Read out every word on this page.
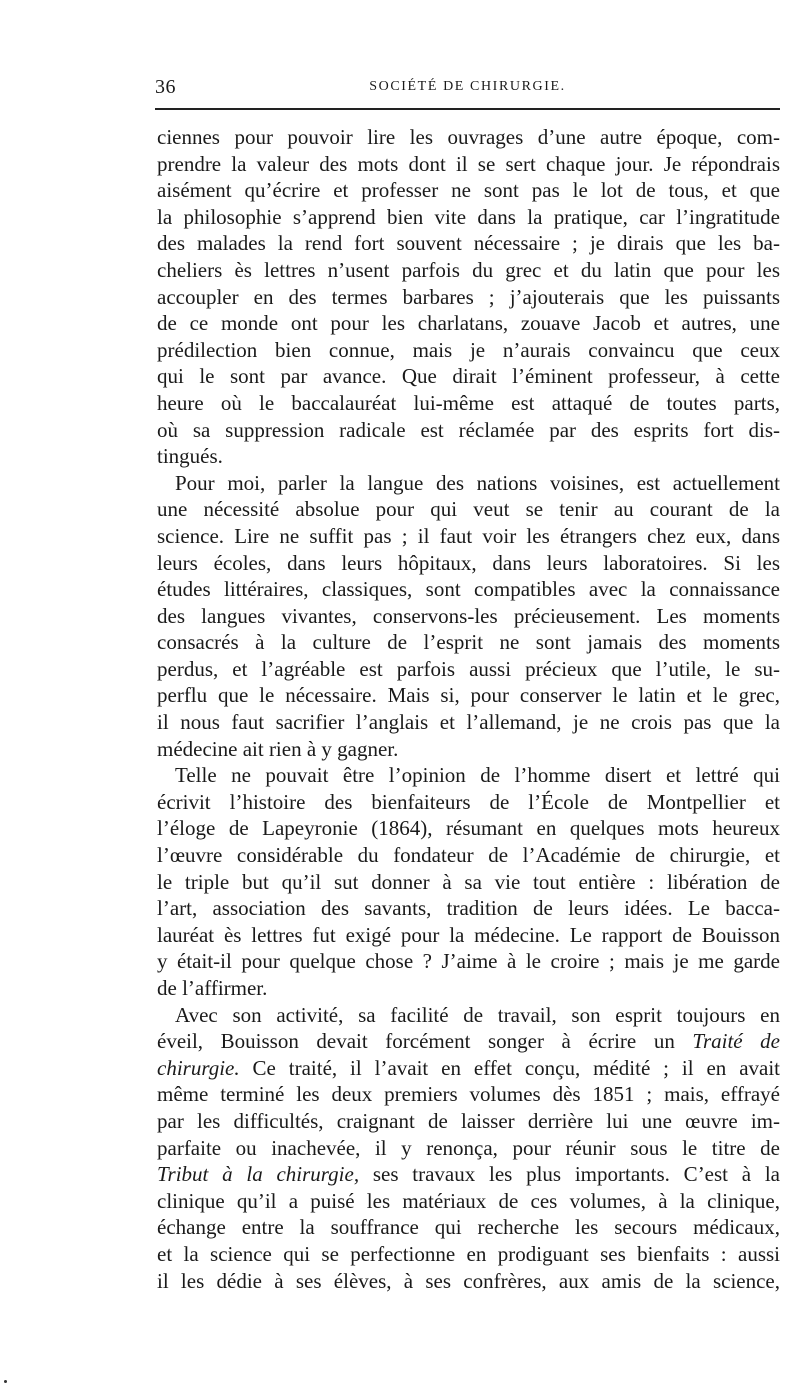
36	SOCIÉTÉ DE CHIRURGIE.
ciennes pour pouvoir lire les ouvrages d’une autre époque, com-
prendre la valeur des mots dont il se sert chaque jour. Je répondrais
aisément qu’écrire et professer ne sont pas le lot de tous, et que
la philosophie s’apprend bien vite dans la pratique, car l’ingratitude
des malades la rend fort souvent nécessaire ; je dirais que les ba-
cheliers ès lettres n’usent parfois du grec et du latin que pour les
accoupler en des termes barbares ; j’ajouterais que les puissants
de ce monde ont pour les charlatans, zouave Jacob et autres, une
prédilection bien connue, mais je n’aurais convaincu que ceux
qui le sont par avance. Que dirait l’éminent professeur, à cette
heure où le baccalauréat lui-même est attaqué de toutes parts,
où sa suppression radicale est réclamée par des esprits fort dis-
tingués.
Pour moi, parler la langue des nations voisines, est actuellement
une nécessité absolue pour qui veut se tenir au courant de la
science. Lire ne suffit pas ; il faut voir les étrangers chez eux, dans
leurs écoles, dans leurs hôpitaux, dans leurs laboratoires. Si les
études littéraires, classiques, sont compatibles avec la connaissance
des langues vivantes, conservons-les précieusement. Les moments
consacrés à la culture de l’esprit ne sont jamais des moments
perdus, et l’agréable est parfois aussi précieux que l’utile, le su-
perflu que le nécessaire. Mais si, pour conserver le latin et le grec,
il nous faut sacrifier l’anglais et l’allemand, je ne crois pas que la
médecine ait rien à y gagner.
Telle ne pouvait être l’opinion de l’homme disert et lettré qui
écrivit l’histoire des bienfaiteurs de l’École de Montpellier et
l’éloge de Lapeyronie (1864), résumant en quelques mots heureux
l’œuvre considérable du fondateur de l’Académie de chirurgie, et
le triple but qu’il sut donner à sa vie tout entière : libération de
l’art, association des savants, tradition de leurs idées. Le bacca-
lauréat ès lettres fut exigé pour la médecine. Le rapport de Bouisson
y était-il pour quelque chose ? J’aime à le croire ; mais je me garde
de l’affirmer.
Avec son activité, sa facilité de travail, son esprit toujours en
éveil, Bouisson devait forcément songer à écrire un Traité de
chirurgie. Ce traité, il l’avait en effet conçu, médité ; il en avait
même terminé les deux premiers volumes dès 1851 ; mais, effrayé
par les difficultés, craignant de laisser derrière lui une œuvre im-
parfaite ou inachevée, il y renonça, pour réunir sous le titre de
Tribut à la chirurgie, ses travaux les plus importants. C’est à la
clinique qu’il a puisé les matériaux de ces volumes, à la clinique,
échange entre la souffrance qui recherche les secours médicaux,
et la science qui se perfectionne en prodiguant ses bienfaits : aussi
il les dédie à ses élèves, à ses confrères, aux amis de la science,
